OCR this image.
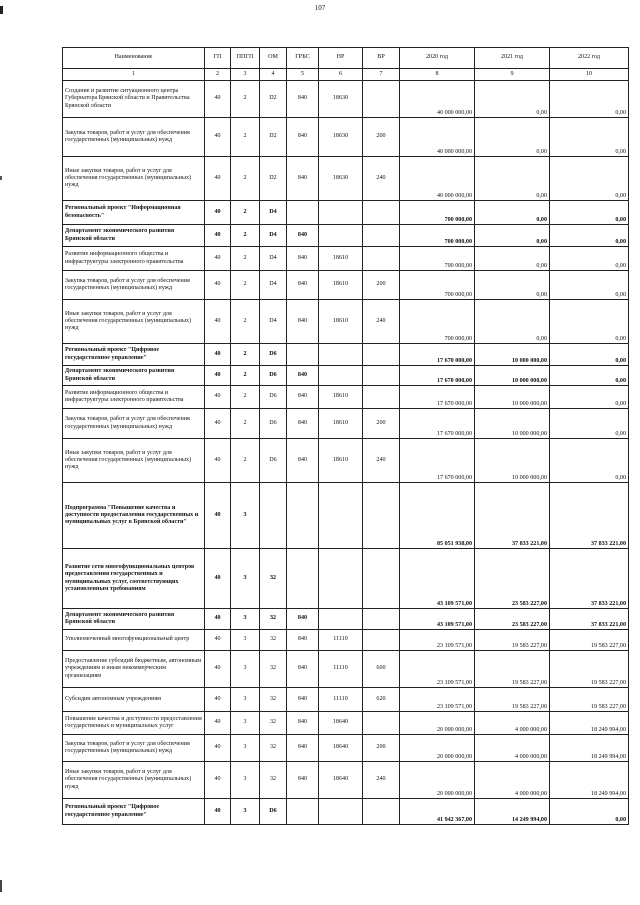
107
Наименование	ГП	ППГП	ОМ	ГРБС	НР	ВР	2020 год	2021 год	2022 год
1	2	3	4	5	6	7	8	9	10
Создание и развитие ситуационного центра Губернатора Брянской области и Правительства Брянской области	40	2	D2	840	18630		40 000 000,00	0,00	0,00
Закупка товаров, работ и услуг для обеспечения государственных (муниципальных) нужд	40	2	D2	840	18630	200	40 000 000,00	0,00	0,00
Иные закупки товаров, работ и услуг для обеспечения государственных (муниципальных) нужд	40	2	D2	840	18630	240	40 000 000,00	0,00	0,00
Региональный проект "Информационная безопасность"	40	2	D4				700 000,00	0,00	0,00
Департамент экономического развития Брянской области	40	2	D4	840			700 000,00	0,00	0,00
Развитие информационного общества и инфраструктуры электронного правительства	40	2	D4	840	18610		700 000,00	0,00	0,00
Закупка товаров, работ и услуг для обеспечения государственных (муниципальных) нужд	40	2	D4	840	18610	200	700 000,00	0,00	0,00
Иные закупки товаров, работ и услуг для обеспечения государственных (муниципальных) нужд	40	2	D4	840	18610	240	700 000,00	0,00	0,00
Региональный проект "Цифровое государственное управление"	40	2	D6				17 670 000,00	10 000 000,00	0,00
Департамент экономического развития Брянской области	40	2	D6	840			17 670 000,00	10 000 000,00	0,00
Развитие информационного общества и инфраструктуры электронного правительства	40	2	D6	840	18610		17 670 000,00	10 000 000,00	0,00
Закупка товаров, работ и услуг для обеспечения государственных (муниципальных) нужд	40	2	D6	840	18610	200	17 670 000,00	10 000 000,00	0,00
Иные закупки товаров, работ и услуг для обеспечения государственных (муниципальных) нужд	40	2	D6	840	18610	240	17 670 000,00	10 000 000,00	0,00
Подпрограмма "Повышение качества и доступности предоставления государственных и муниципальных услуг в Брянской области"	40	3					85 051 938,00	37 833 221,00	37 833 221,00
Развитие сети многофункциональных центров предоставления государственных и муниципальных услуг, соответствующих установленным требованиям	40	3	32				43 109 571,00	23 583 227,00	37 833 221,00
Департамент экономического развития Брянской области	40	3	32	840			43 109 571,00	23 583 227,00	37 833 221,00
Уполномоченный многофункциональный центр	40	3	32	840	11110		23 109 571,00	19 583 227,00	19 583 227,00
Предоставление субсидий бюджетным, автономным учреждениям и иным некоммерческим организациям	40	3	32	840	11110	600	23 109 571,00	19 583 227,00	19 583 227,00
Субсидии автономным учреждениям	40	3	32	840	11110	620	23 109 571,00	19 583 227,00	19 583 227,00
Повышение качества и доступности предоставления государственных и муниципальных услуг	40	3	32	840	18640		20 000 000,00	4 000 000,00	18 249 994,00
Закупка товаров, работ и услуг для обеспечения государственных (муниципальных) нужд	40	3	32	840	18640	200	20 000 000,00	4 000 000,00	18 249 994,00
Иные закупки товаров, работ и услуг для обеспечения государственных (муниципальных) нужд	40	3	32	840	18640	240	20 000 000,00	4 000 000,00	18 249 994,00
Региональный проект "Цифровое государственное управление"	40	3	D6				41 942 367,00	14 249 994,00	0,00
